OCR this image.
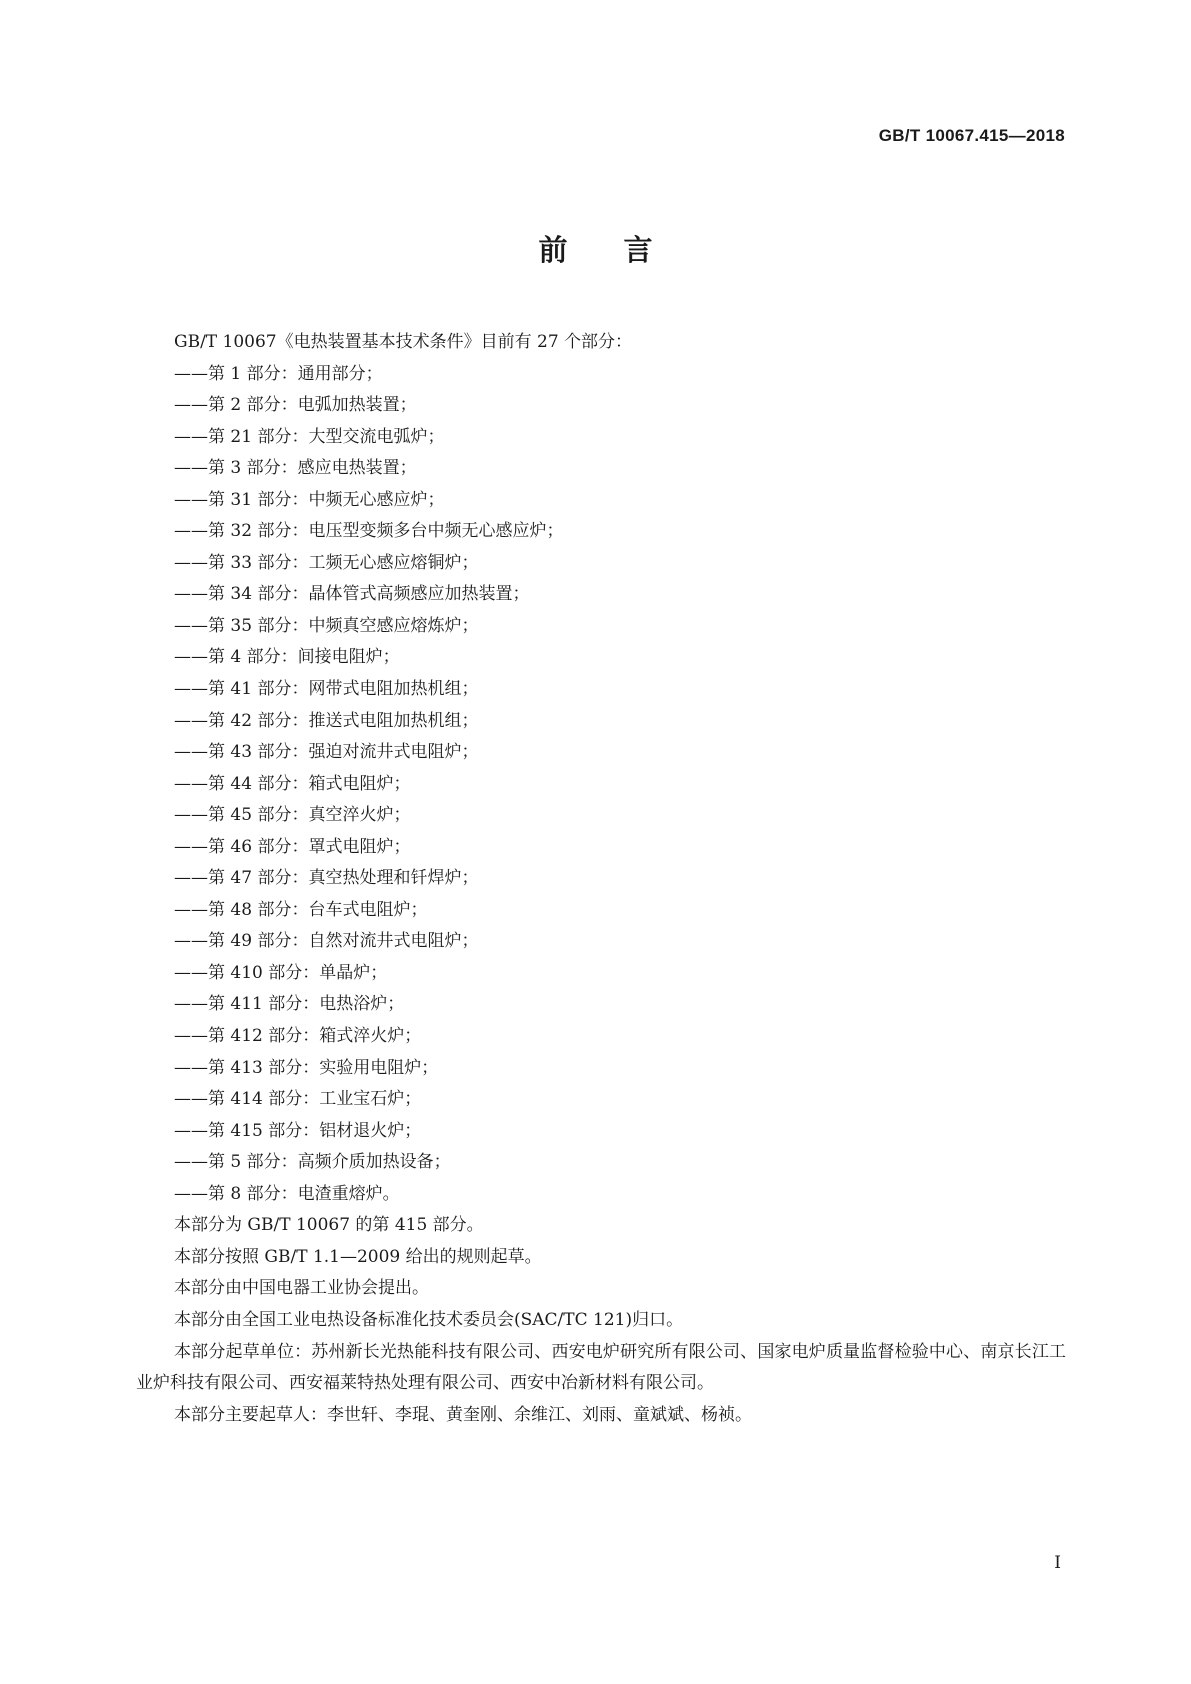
GB/T 10067.415—2018
前言
GB/T 10067《电热装置基本技术条件》目前有 27 个部分：
——第 1 部分：通用部分；
——第 2 部分：电弧加热装置；
——第 21 部分：大型交流电弧炉；
——第 3 部分：感应电热装置；
——第 31 部分：中频无心感应炉；
——第 32 部分：电压型变频多台中频无心感应炉；
——第 33 部分：工频无心感应熔铜炉；
——第 34 部分：晶体管式高频感应加热装置；
——第 35 部分：中频真空感应熔炼炉；
——第 4 部分：间接电阻炉；
——第 41 部分：网带式电阻加热机组；
——第 42 部分：推送式电阻加热机组；
——第 43 部分：强迫对流井式电阻炉；
——第 44 部分：箱式电阻炉；
——第 45 部分：真空淬火炉；
——第 46 部分：罩式电阻炉；
——第 47 部分：真空热处理和钎焊炉；
——第 48 部分：台车式电阻炉；
——第 49 部分：自然对流井式电阻炉；
——第 410 部分：单晶炉；
——第 411 部分：电热浴炉；
——第 412 部分：箱式淬火炉；
——第 413 部分：实验用电阻炉；
——第 414 部分：工业宝石炉；
——第 415 部分：铝材退火炉；
——第 5 部分：高频介质加热设备；
——第 8 部分：电渣重熔炉。
本部分为 GB/T 10067 的第 415 部分。
本部分按照 GB/T 1.1—2009 给出的规则起草。
本部分由中国电器工业协会提出。
本部分由全国工业电热设备标准化技术委员会(SAC/TC 121)归口。
本部分起草单位：苏州新长光热能科技有限公司、西安电炉研究所有限公司、国家电炉质量监督检验中心、南京长江工业炉科技有限公司、西安福莱特热处理有限公司、西安中冶新材料有限公司。
本部分主要起草人：李世轩、李琨、黄奎刚、余维江、刘雨、童斌斌、杨祯。
I
